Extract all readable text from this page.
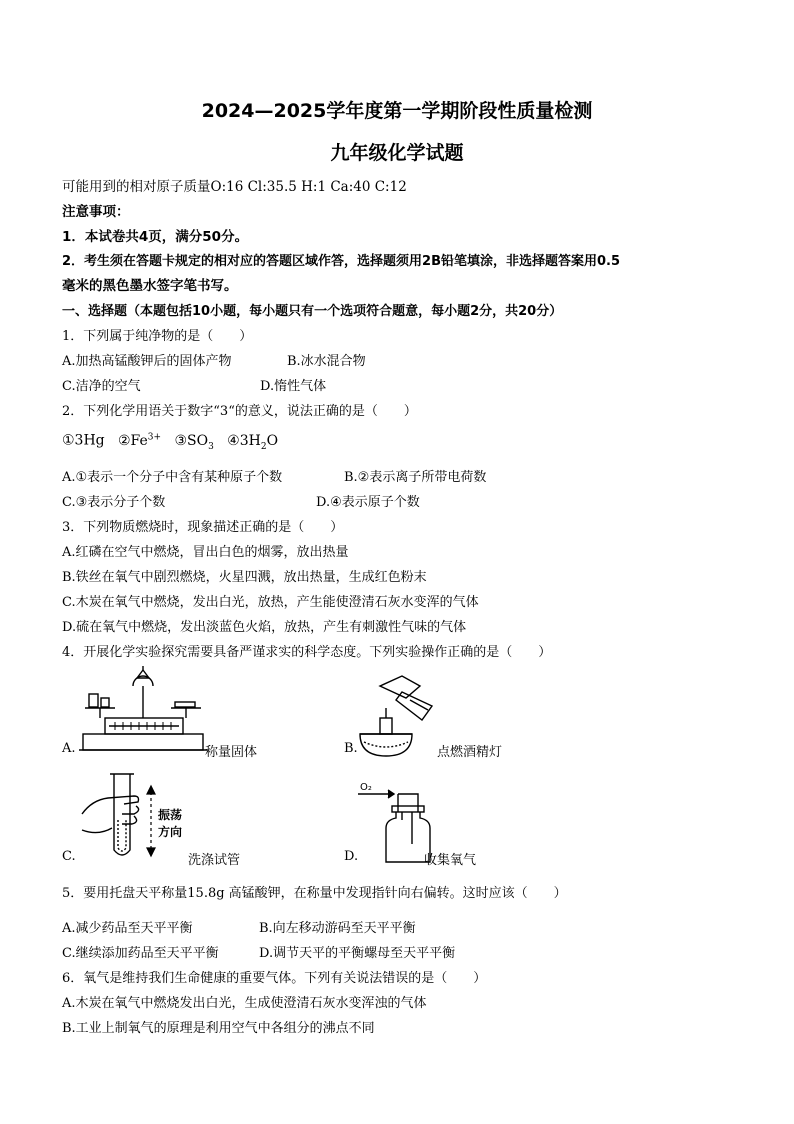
2024—2025学年度第一学期阶段性质量检测
九年级化学试题
可能用到的相对原子质量O:16 Cl:35.5 H:1 Ca:40 C:12
注意事项：
1．本试卷共4页，满分50分。
2．考生须在答题卡规定的相对应的答题区域作答，选择题须用2B铅笔填涂，非选择题答案用0.5
毫米的黑色墨水签字笔书写。
一、选择题（本题包括10小题，每小题只有一个选项符合题意，每小题2分，共20分）
1．下列属于纯净物的是（　　）
A.加热高锰酸钾后的固体产物	B.冰水混合物
C.洁净的空气	D.惰性气体
2．下列化学用语关于数字“3“的意义，说法正确的是（　　）
①3Hg $②Fe^{3+}$ $③SO_3$ $④3H_2O$
A.①表示一个分子中含有某种原子个数	B.②表示离子所带电荷数
C.③表示分子个数	D.④表示原子个数
3．下列物质燃烧时，现象描述正确的是（　　）
A.红磷在空气中燃烧，冒出白色的烟雾，放出热量
B.铁丝在氧气中剧烈燃烧，火星四溅，放出热量，生成红色粉末
C.木炭在氧气中燃烧，发出白光，放热，产生能使澄清石灰水变浑的气体
D.硫在氧气中燃烧，发出淡蓝色火焰，放热，产生有刺激性气味的气体
4．开展化学实验探究需要具备严谨求实的科学态度。下列实验操作正确的是（　　）
A.	称量固体	B.	点燃酒精灯
振荡
方向
C.	洗涤试管
O₂
D.	收集氧气
5．要用托盘天平称量15.8g 高锰酸钾，在称量中发现指针向右偏转。这时应该（　　）
A.减少药品至天平平衡	B.向左移动游码至天平平衡
C.继续添加药品至天平平衡	D.调节天平的平衡螺母至天平平衡
6．氧气是维持我们生命健康的重要气体。下列有关说法错误的是（　　）
A.木炭在氧气中燃烧发出白光，生成使澄清石灰水变浑浊的气体
B.工业上制氧气的原理是利用空气中各组分的沸点不同
